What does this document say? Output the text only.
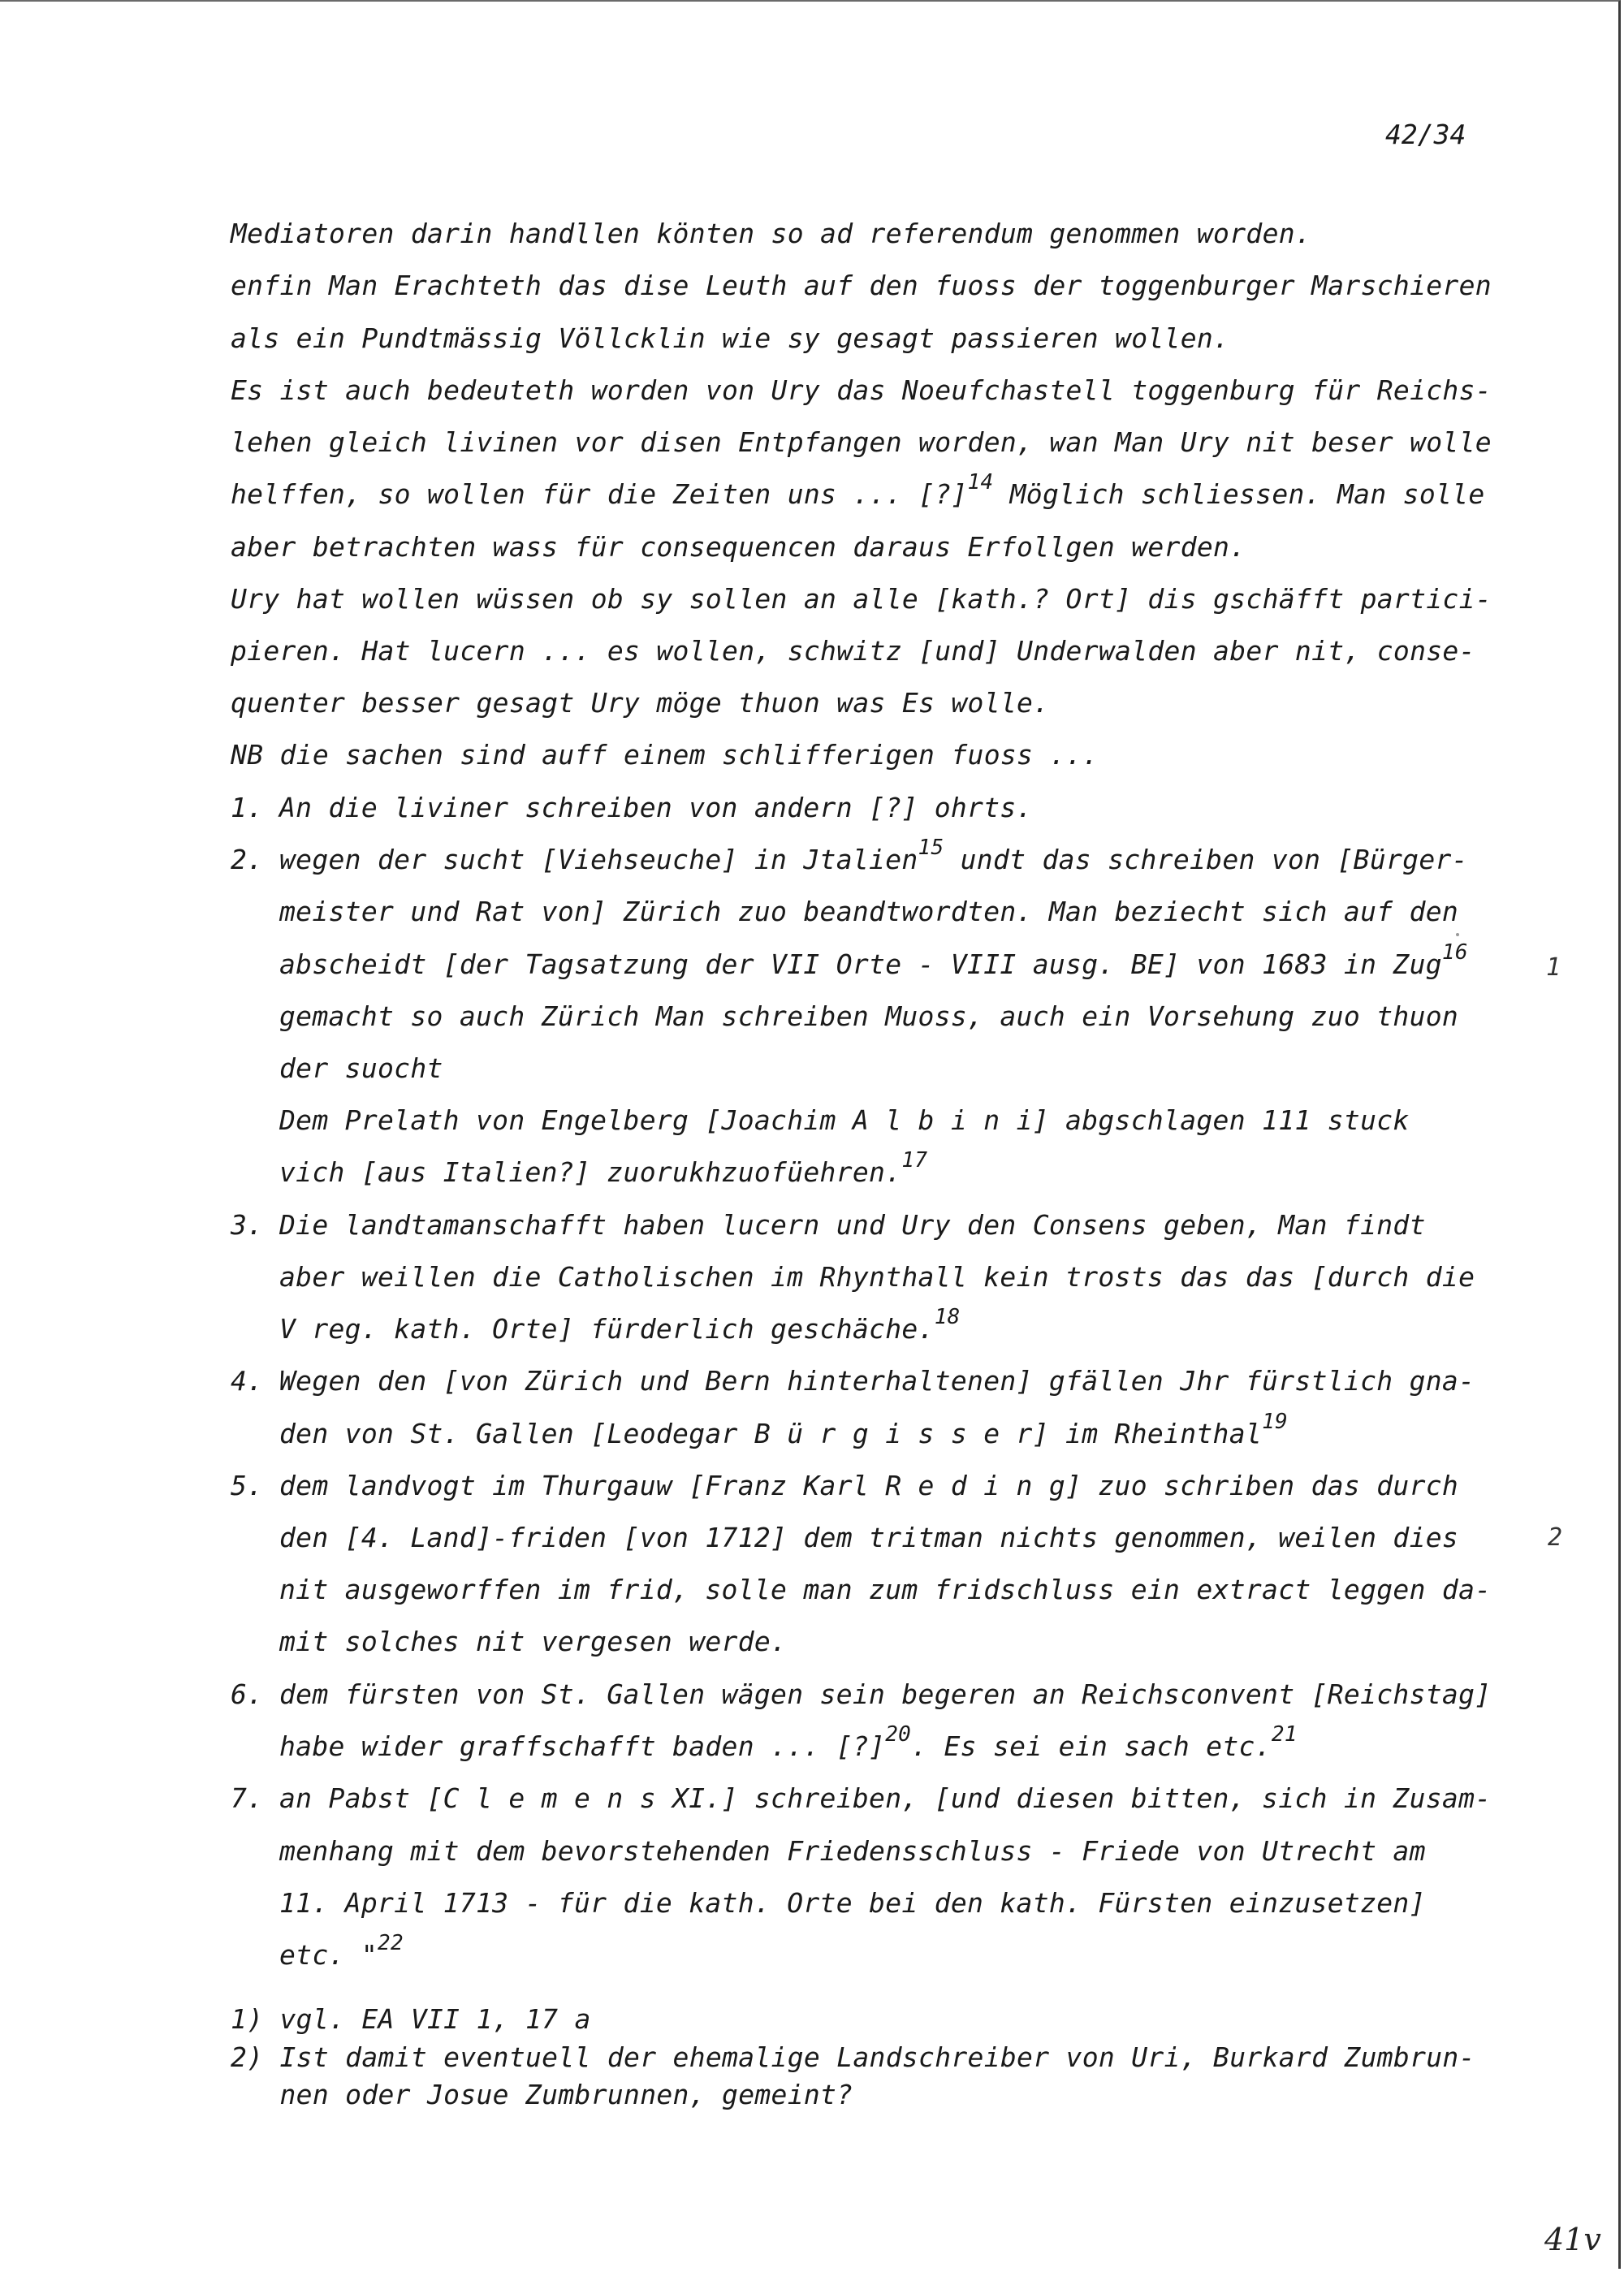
42/34
Mediatoren darin handllen könten so ad referendum genommen worden.
enfin Man Erachteth das dise Leuth auf den fuoss der toggenburger Marschieren
als ein Pundtmässig Völlcklin wie sy gesagt passieren wollen.
Es ist auch bedeuteth worden von Ury das Noeufchastell toggenburg für Reichs-
lehen gleich livinen vor disen Entpfangen worden, wan Man Ury nit beser wolle
helffen, so wollen für die Zeiten uns ... [?]$^{14}$ Möglich schliessen. Man solle
aber betrachten wass für consequencen daraus Erfollgen werden.
Ury hat wollen wüssen ob sy sollen an alle [kath.? Ort] dis gschäfft partici-
pieren. Hat lucern ... es wollen, schwitz [und] Underwalden aber nit, conse-
quenter besser gesagt Ury möge thuon was Es wolle.
NB die sachen sind auff einem schlifferigen fuoss ...
1. An die liviner schreiben von andern [?] ohrts.
2. wegen der sucht [Viehseuche] in Jtalien$^{15}$ undt das schreiben von [Bürger-
meister und Rat von] Zürich zuo beandtwordten. Man beziecht sich auf den
abscheidt [der Tagsatzung der VII Orte - VIII ausg. BE] von 1683 in Zug$^{16}$
gemacht so auch Zürich Man schreiben Muoss, auch ein Vorsehung zuo thuon
der suocht
Dem Prelath von Engelberg [Joachim A l b i n i] abgschlagen 111 stuck
vich [aus Italien?] zuorukhzuofüehren.$^{17}$
3. Die landtamanschafft haben lucern und Ury den Consens geben, Man findt
aber weillen die Catholischen im Rhynthall kein trosts das das [durch die
V reg. kath. Orte] fürderlich geschäche.$^{18}$
4. Wegen den [von Zürich und Bern hinterhaltenen] gfällen Jhr fürstlich gna-
den von St. Gallen [Leodegar B ü r g i s s e r] im Rheinthal$^{19}$
5. dem landvogt im Thurgauw [Franz Karl R e d i n g] zuo schriben das durch
den [4. Land]-friden [von 1712] dem tritman nichts genommen, weilen dies
nit ausgeworffen im frid, solle man zum fridschluss ein extract leggen da-
mit solches nit vergesen werde.
6. dem fürsten von St. Gallen wägen sein begeren an Reichsconvent [Reichstag]
habe wider graffschafft baden ... [?]$^{20}$. Es sei ein sach etc.$^{21}$
7. an Pabst [C l e m e n s XI.] schreiben, [und diesen bitten, sich in Zusam-
menhang mit dem bevorstehenden Friedensschluss - Friede von Utrecht am
11. April 1713 - für die kath. Orte bei den kath. Fürsten einzusetzen]
etc. "$^{22}$
1) vgl. EA VII 1, 17 a
2) Ist damit eventuell der ehemalige Landschreiber von Uri, Burkard Zumbrun-
nen oder Josue Zumbrunnen, gemeint?
1
2
41v
